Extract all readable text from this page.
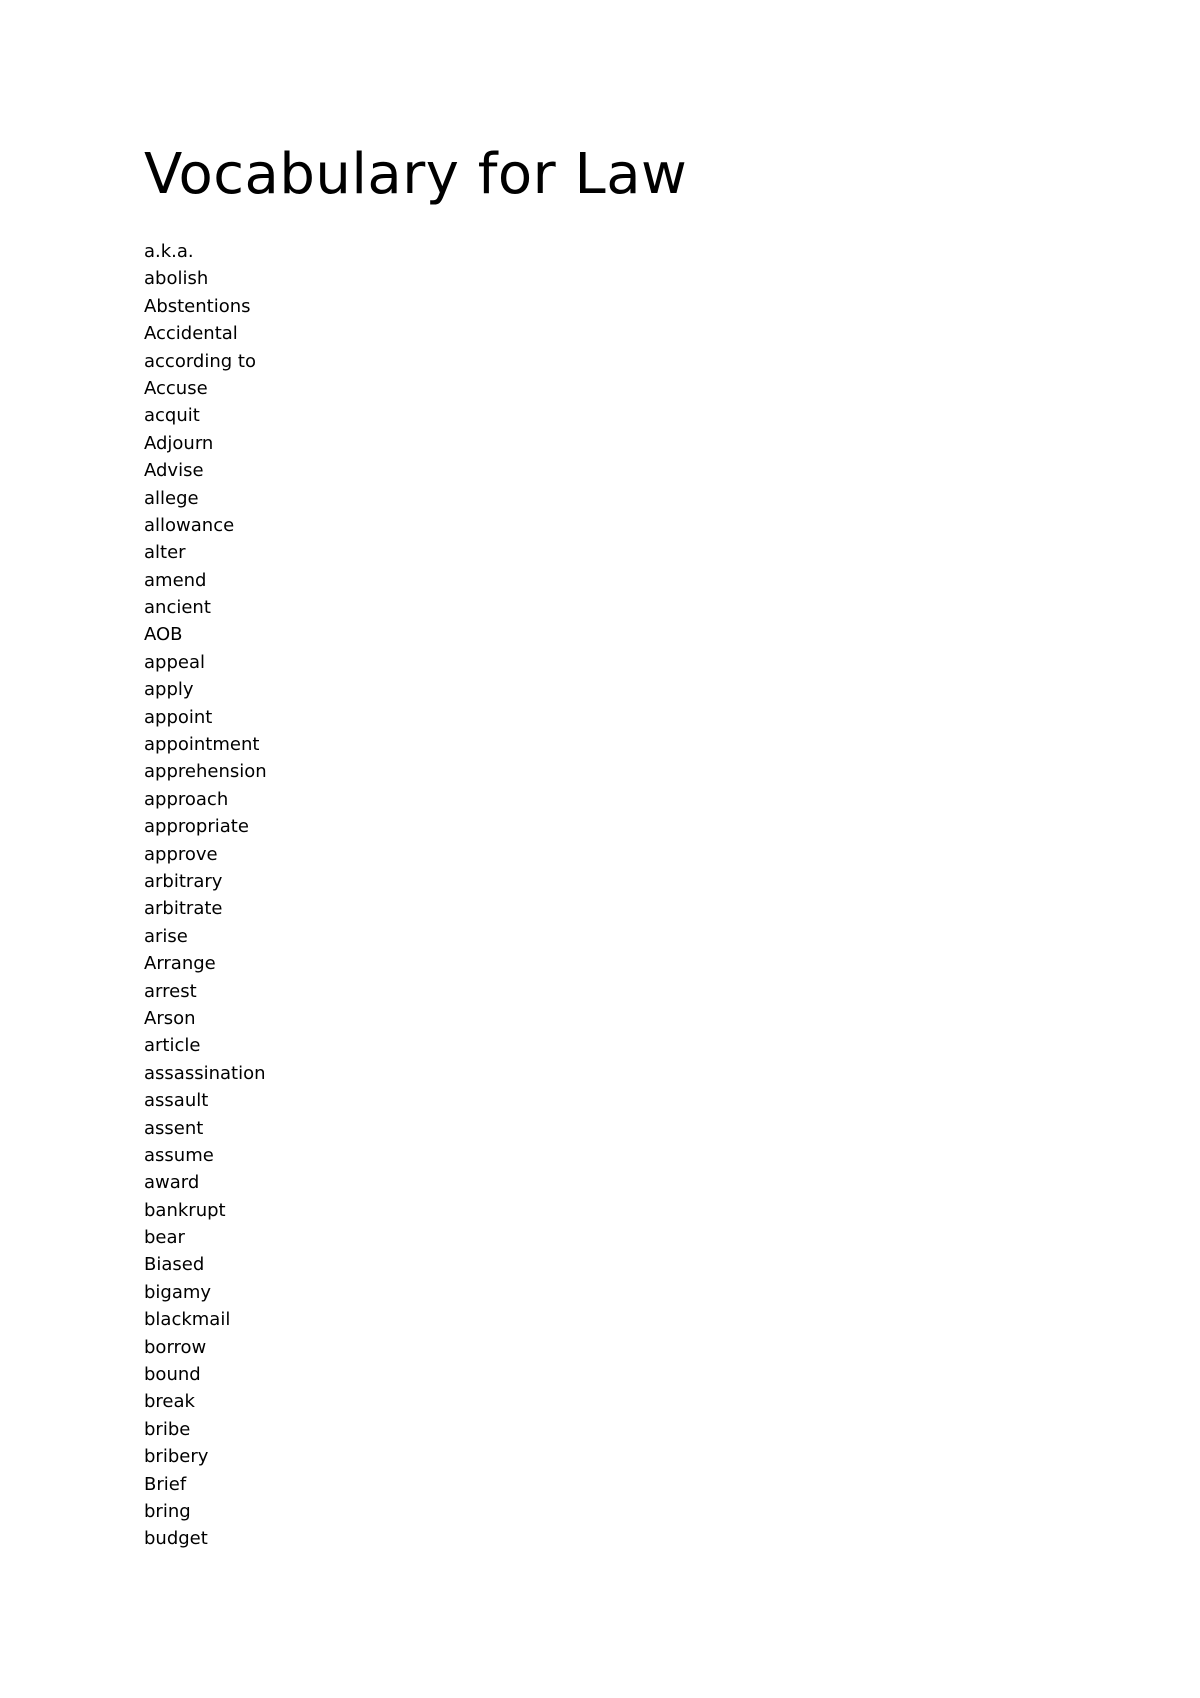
Vocabulary for Law
a.k.a.
abolish
Abstentions
Accidental
according to
Accuse
acquit
Adjourn
Advise
allege
allowance
alter
amend
ancient
AOB
appeal
apply
appoint
appointment
apprehension
approach
appropriate
approve
arbitrary
arbitrate
arise
Arrange
arrest
Arson
article
assassination
assault
assent
assume
award
bankrupt
bear
Biased
bigamy
blackmail
borrow
bound
break
bribe
bribery
Brief
bring
budget
